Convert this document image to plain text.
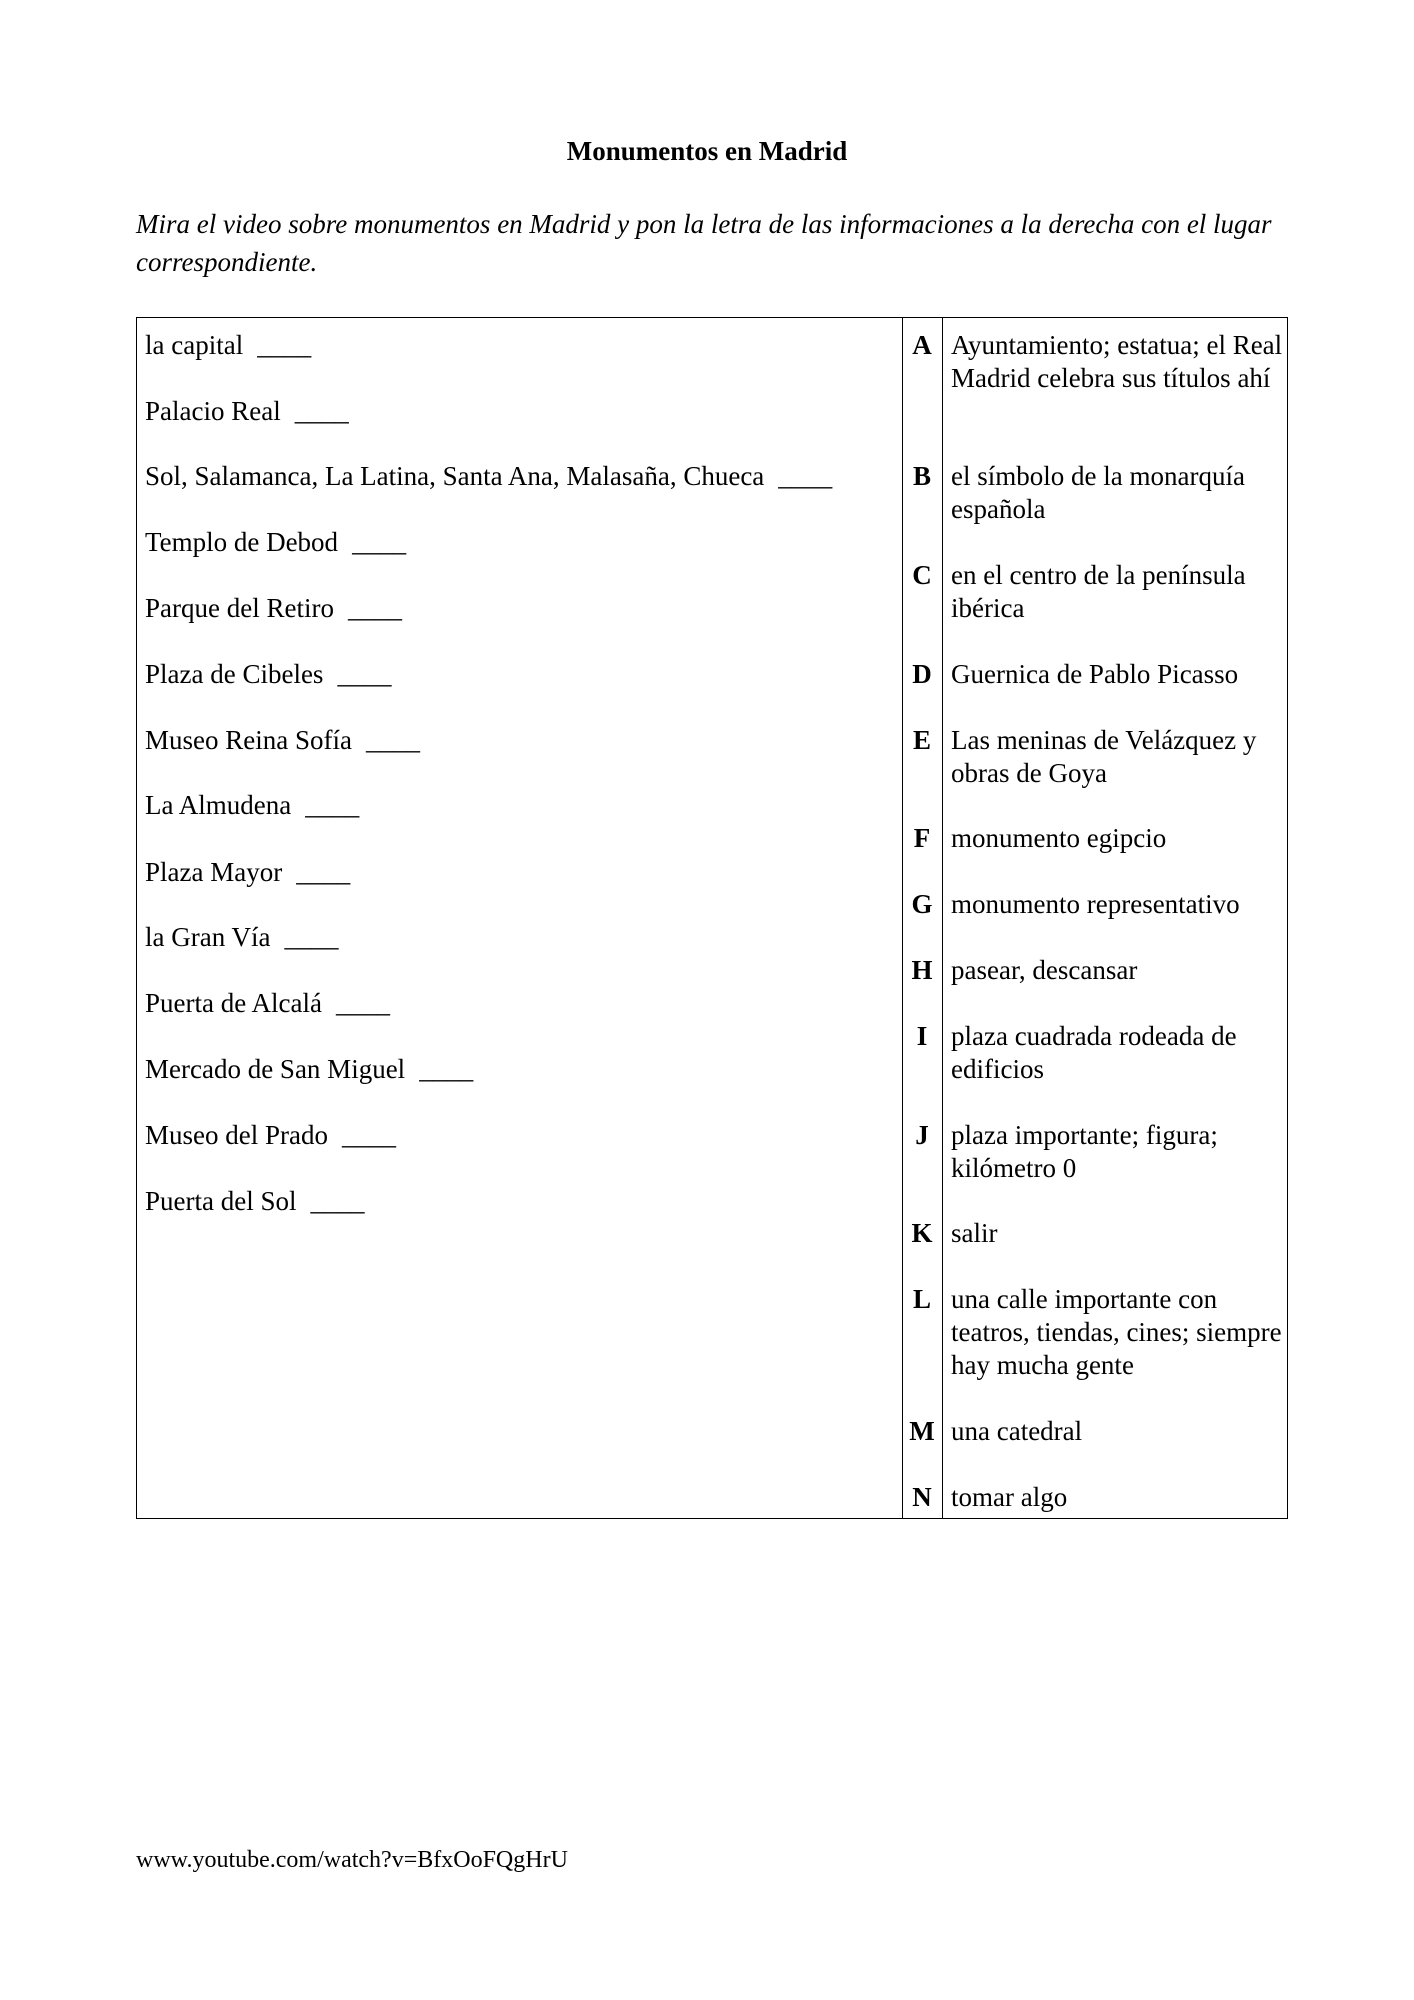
Monumentos en Madrid

Mira el video sobre monumentos en Madrid y pon la letra de las informaciones a la derecha con el lugar correspondiente.

la capital ____
Palacio Real ____
Sol, Salamanca, La Latina, Santa Ana, Malasaña, Chueca ____
Templo de Debod ____
Parque del Retiro ____
Plaza de Cibeles ____
Museo Reina Sofía ____
La Almudena ____
Plaza Mayor ____
la Gran Vía ____
Puerta de Alcalá ____
Mercado de San Miguel ____
Museo del Prado ____
Puerta del Sol ____
A
B
C
D
E
F
G
H
I
J
K
L
M
N
Ayuntamiento; estatua; el Real Madrid celebra sus títulos ahí
el símbolo de la monarquía española
en el centro de la península ibérica
Guernica de Pablo Picasso
Las meninas de Velázquez y obras de Goya
monumento egipcio
monumento representativo
pasear, descansar
plaza cuadrada rodeada de edificios
plaza importante; figura; kilómetro 0
salir
una calle importante con teatros, tiendas, cines; siempre hay mucha gente
una catedral
tomar algo

www.youtube.com/watch?v=BfxOoFQgHrU
